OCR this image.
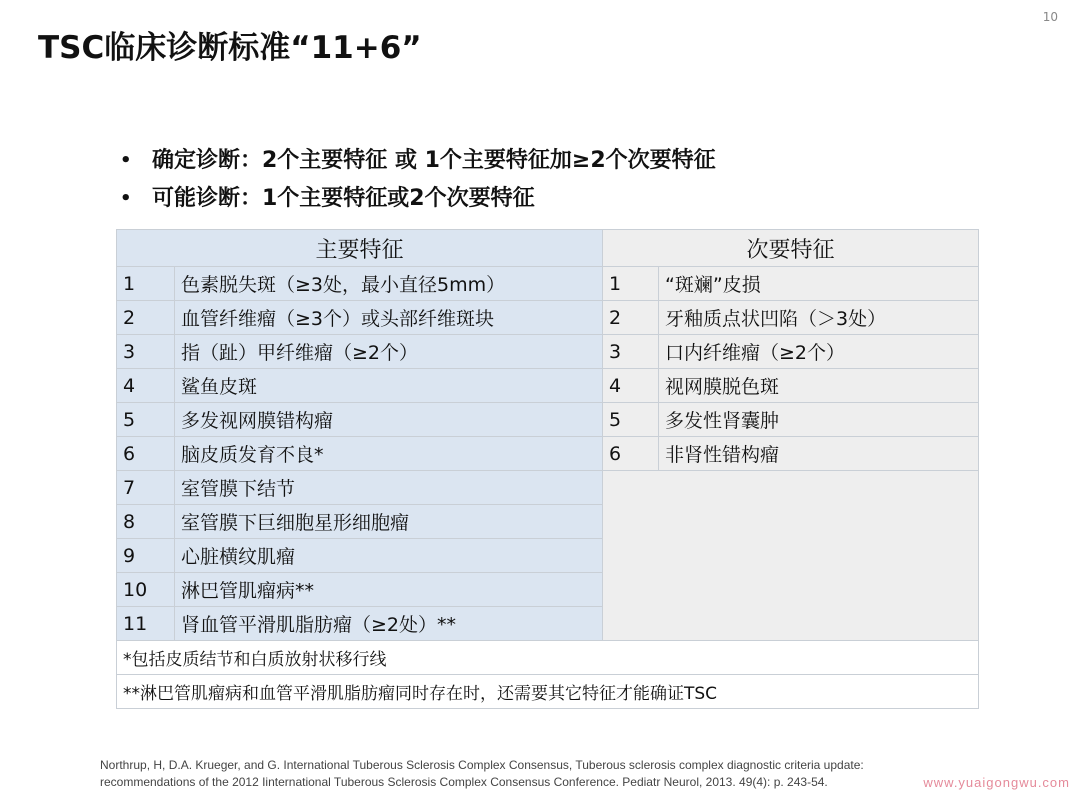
TSC临床诊断标准“11+6”
10
• 确定诊断：2个主要特征 或 1个主要特征加≥2个次要特征
• 可能诊断：1个主要特征或2个次要特征
主要特征		次要特征	
1	色素脱失斑（≥3处，最小直径5mm）	1	“斑斓”皮损
2	血管纤维瘤（≥3个）或头部纤维斑块	2	牙釉质点状凹陷（＞3处）
3	指（趾）甲纤维瘤（≥2个）	3	口内纤维瘤（≥2个）
4	鲨鱼皮斑	4	视网膜脱色斑
5	多发视网膜错构瘤	5	多发性肾囊肿
6	脑皮质发育不良*	6	非肾性错构瘤
7	室管膜下结节		
8	室管膜下巨细胞星形细胞瘤		
9	心脏横纹肌瘤		
10	淋巴管肌瘤病**		
11	肾血管平滑肌脂肪瘤（≥2处）**		
*包括皮质结节和白质放射状移行线			
**淋巴管肌瘤病和血管平滑肌脂肪瘤同时存在时，还需要其它特征才能确证TSC			
Northrup, H, D.A. Krueger, and G. International Tuberous Sclerosis Complex Consensus, Tuberous sclerosis complex diagnostic criteria update:
recommendations of the 2012 Iinternational Tuberous Sclerosis Complex Consensus Conference. Pediatr Neurol, 2013. 49(4): p. 243-54.	www.yuaigongwu.com
